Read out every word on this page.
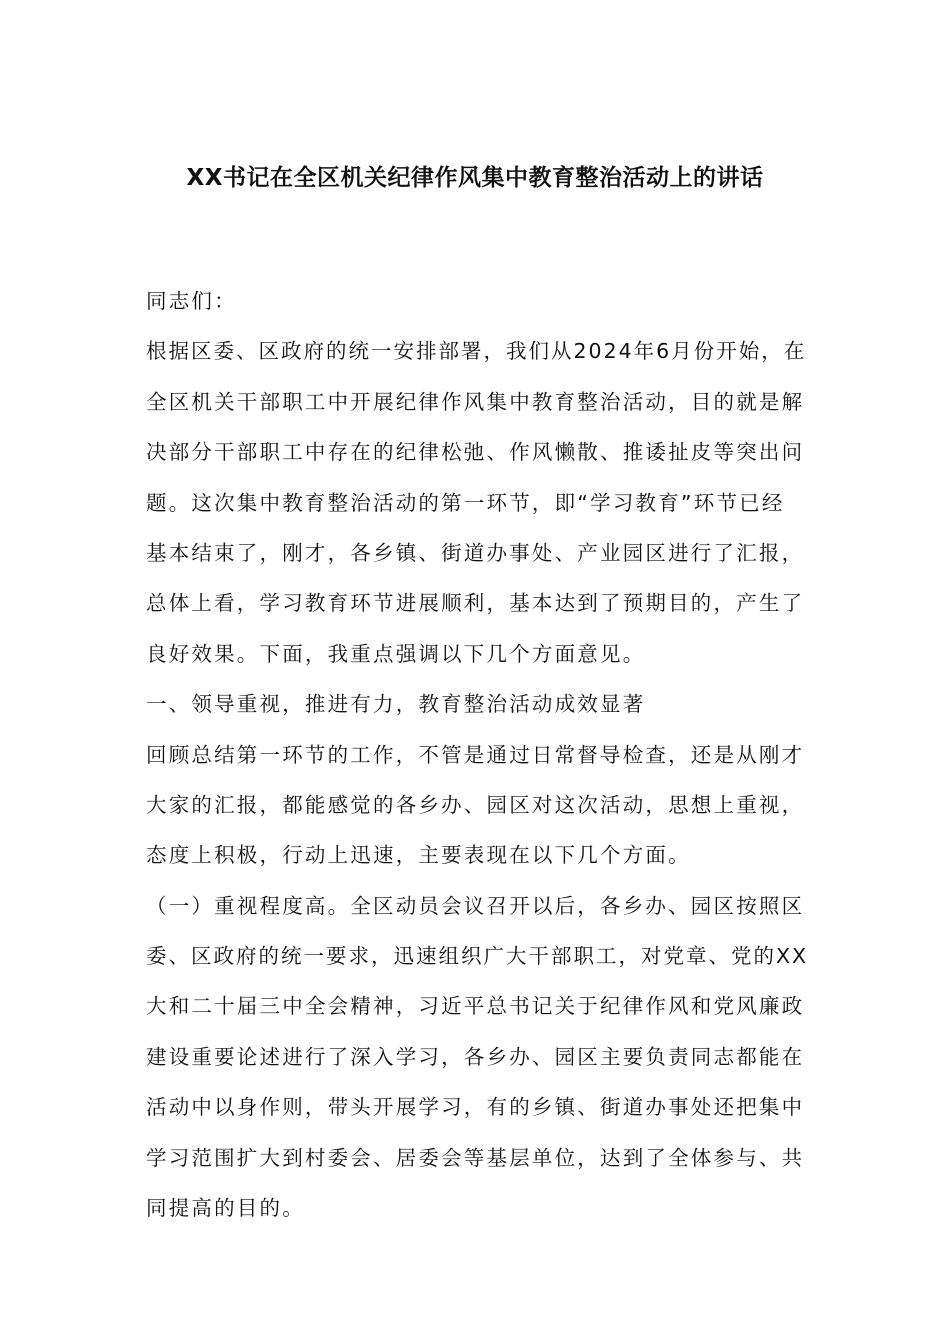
XX书记在全区机关纪律作风集中教育整治活动上的讲话
同志们：
根据区委、区政府的统一安排部署，我们从2024年6月份开始，在
全区机关干部职工中开展纪律作风集中教育整治活动，目的就是解
决部分干部职工中存在的纪律松弛、作风懒散、推诿扯皮等突出问
题。这次集中教育整治活动的第一环节，即“学习教育”环节已经
基本结束了，刚才，各乡镇、街道办事处、产业园区进行了汇报，
总体上看，学习教育环节进展顺利，基本达到了预期目的，产生了
良好效果。下面，我重点强调以下几个方面意见。
一、领导重视，推进有力，教育整治活动成效显著
回顾总结第一环节的工作，不管是通过日常督导检查，还是从刚才
大家的汇报，都能感觉的各乡办、园区对这次活动，思想上重视，
态度上积极，行动上迅速，主要表现在以下几个方面。
（一）重视程度高。全区动员会议召开以后，各乡办、园区按照区
委、区政府的统一要求，迅速组织广大干部职工，对党章、党的XX
大和二十届三中全会精神，习近平总书记关于纪律作风和党风廉政
建设重要论述进行了深入学习，各乡办、园区主要负责同志都能在
活动中以身作则，带头开展学习，有的乡镇、街道办事处还把集中
学习范围扩大到村委会、居委会等基层单位，达到了全体参与、共
同提高的目的。
